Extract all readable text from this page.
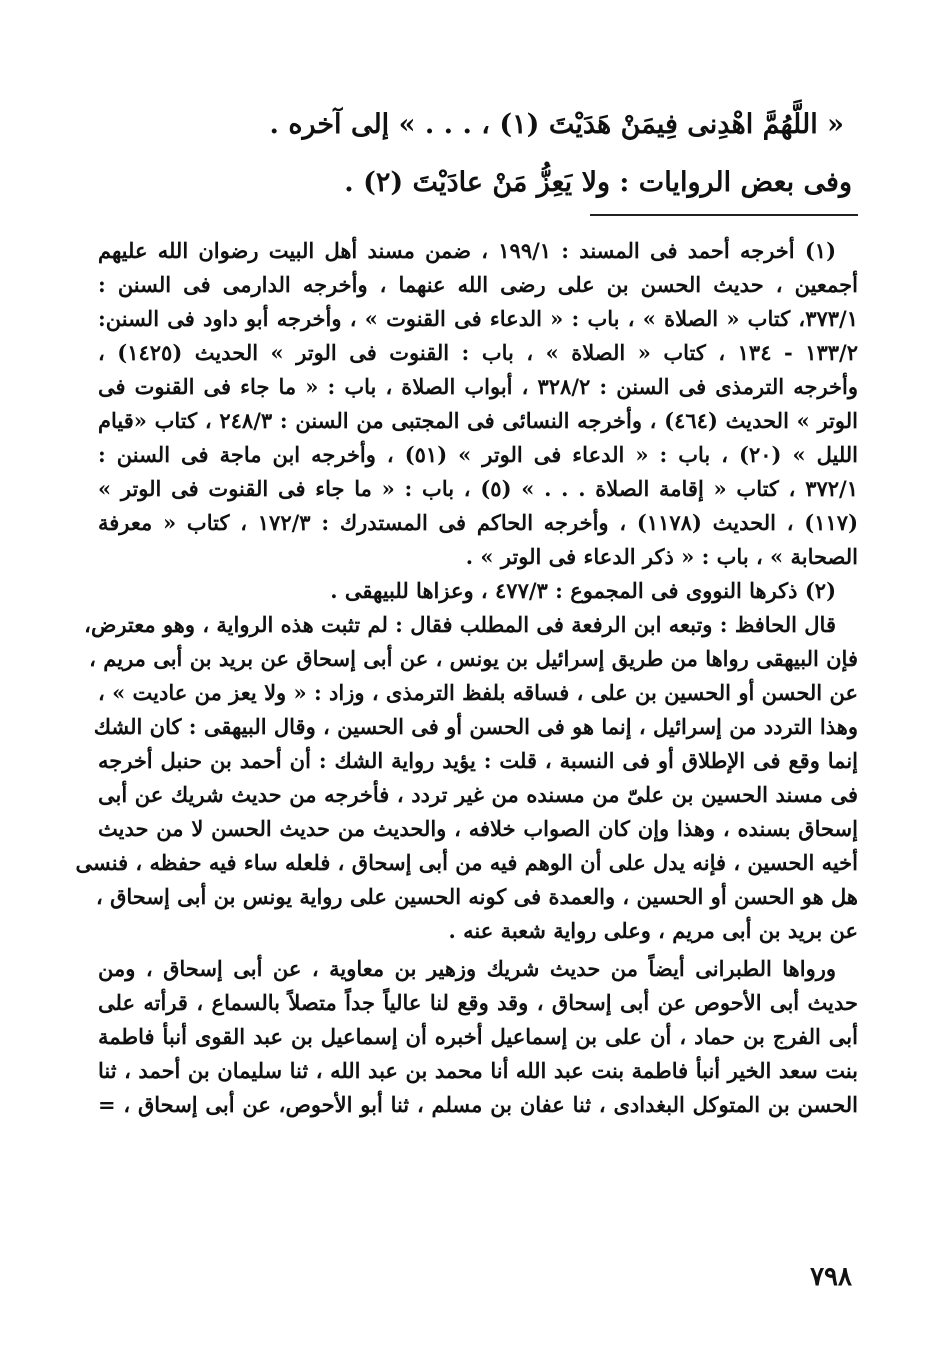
« اللَّهُمَّ اهْدِنى فِيمَنْ هَدَيْتَ (١) ، . . . » إلى آخره .
وفى بعض الروايات : ولا يَعِزُّ مَنْ عادَيْتَ (٢) .
(١) أخرجه أحمد فى المسند : ١٩٩/١ ، ضمن مسند أهل البيت رضوان الله عليهم
أجمعين ، حديث الحسن بن على رضى الله عنهما ، وأخرجه الدارمى فى السنن :
٣٧٣/١، كتاب « الصلاة » ، باب : « الدعاء فى القنوت » ، وأخرجه أبو داود فى السنن:
١٣٣/٢ - ١٣٤ ، كتاب « الصلاة » ، باب : القنوت فى الوتر » الحديث (١٤٢٥) ،
وأخرجه الترمذى فى السنن : ٣٢٨/٢ ، أبواب الصلاة ، باب : « ما جاء فى القنوت فى
الوتر » الحديث (٤٦٤) ، وأخرجه النسائى فى المجتبى من السنن : ٢٤٨/٣ ، كتاب «قيام
الليل » (٢٠) ، باب : « الدعاء فى الوتر » (٥١) ، وأخرجه ابن ماجة فى السنن :
٣٧٢/١ ، كتاب « إقامة الصلاة . . . » (٥) ، باب : « ما جاء فى القنوت فى الوتر »
(١١٧) ، الحديث (١١٧٨) ، وأخرجه الحاكم فى المستدرك : ١٧٢/٣ ، كتاب « معرفة
الصحابة » ، باب : « ذكر الدعاء فى الوتر » .
(٢) ذكرها النووى فى المجموع : ٤٧٧/٣ ، وعزاها للبيهقى .
قال الحافظ : وتبعه ابن الرفعة فى المطلب فقال : لم تثبت هذه الرواية ، وهو معترض،
فإن البيهقى رواها من طريق إسرائيل بن يونس ، عن أبى إسحاق عن بريد بن أبى مريم ،
عن الحسن أو الحسين بن على ، فساقه بلفظ الترمذى ، وزاد : « ولا يعز من عاديت » ،
وهذا التردد من إسرائيل ، إنما هو فى الحسن أو فى الحسين ، وقال البيهقى : كان الشك
إنما وقع فى الإطلاق أو فى النسبة ، قلت : يؤيد رواية الشك : أن أحمد بن حنبل أخرجه
فى مسند الحسين بن علىّ من مسنده من غير تردد ، فأخرجه من حديث شريك عن أبى
إسحاق بسنده ، وهذا وإن كان الصواب خلافه ، والحديث من حديث الحسن لا من حديث
أخيه الحسين ، فإنه يدل على أن الوهم فيه من أبى إسحاق ، فلعله ساء فيه حفظه ، فنسى
هل هو الحسن أو الحسين ، والعمدة فى كونه الحسين على رواية يونس بن أبى إسحاق ،
عن بريد بن أبى مريم ، وعلى رواية شعبة عنه .
ورواها الطبرانى أيضاً من حديث شريك وزهير بن معاوية ، عن أبى إسحاق ، ومن
حديث أبى الأحوص عن أبى إسحاق ، وقد وقع لنا عالياً جداً متصلاً بالسماع ، قرأته على
أبى الفرج بن حماد ، أن على بن إسماعيل أخبره أن إسماعيل بن عبد القوى أنبأ فاطمة
بنت سعد الخير أنبأ فاطمة بنت عبد الله أنا محمد بن عبد الله ، ثنا سليمان بن أحمد ، ثنا
الحسن بن المتوكل البغدادى ، ثنا عفان بن مسلم ، ثنا أبو الأحوص، عن أبى إسحاق ، =
٧٩٨
